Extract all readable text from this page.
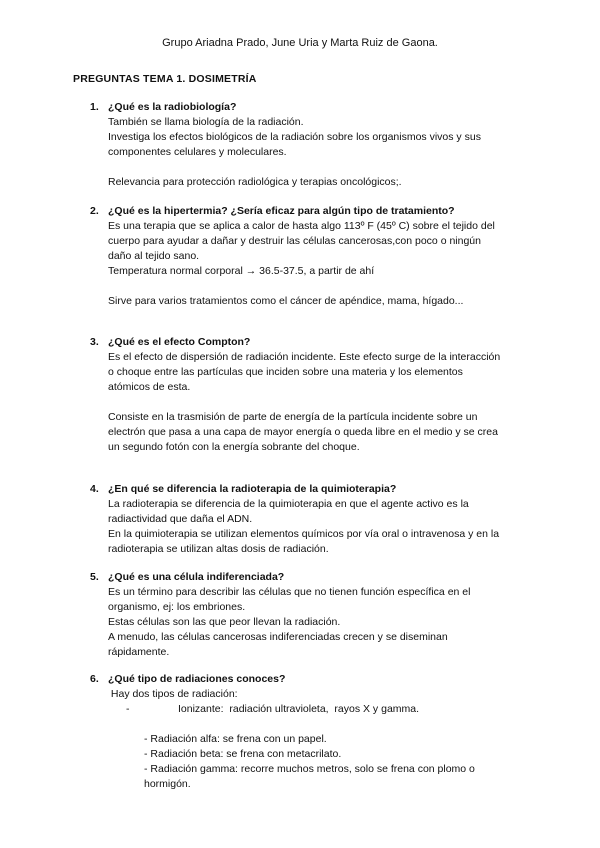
Grupo Ariadna Prado, June Uria y Marta Ruiz de Gaona.
PREGUNTAS TEMA 1. DOSIMETRÍA
1. ¿Qué es la radiobiología?
También se llama biología de la radiación.
Investiga los efectos biológicos de la radiación sobre los organismos vivos y sus
componentes celulares y moleculares.
Relevancia para protección radiológica y terapias oncológicos;.
2. ¿Qué es la hipertermia? ¿Sería eficaz para algún tipo de tratamiento?
Es una terapia que se aplica a calor de hasta algo 113º F (45º C) sobre el tejido del
cuerpo para ayudar a dañar y destruir las células cancerosas,con poco o ningún
daño al tejido sano.
Temperatura normal corporal → 36.5-37.5, a partir de ahí
Sirve para varios tratamientos como el cáncer de apéndice, mama, hígado...
3. ¿Qué es el efecto Compton?
Es el efecto de dispersión de radiación incidente. Este efecto surge de la interacción
o choque entre las partículas que inciden sobre una materia y los elementos
atómicos de esta.
Consiste en la trasmisión de parte de energía de la partícula incidente sobre un
electrón que pasa a una capa de mayor energía o queda libre en el medio y se crea
un segundo fotón con la energía sobrante del choque.
4. ¿En qué se diferencia la radioterapia de la quimioterapia?
La radioterapia se diferencia de la quimioterapia en que el agente activo es la
radiactividad que daña el ADN.
En la quimioterapia se utilizan elementos químicos por vía oral o intravenosa y en la
radioterapia se utilizan altas dosis de radiación.
5. ¿Qué es una célula indiferenciada?
Es un término para describir las células que no tienen función específica en el
organismo, ej: los embriones.
Estas células son las que peor llevan la radiación.
A menudo, las células cancerosas indiferenciadas crecen y se diseminan
rápidamente.
6. ¿Qué tipo de radiaciones conoces?
Hay dos tipos de radiación:
-	Ionizante:  radiación ultravioleta,  rayos X y gamma.
- Radiación alfa: se frena con un papel.
- Radiación beta: se frena con metacrilato.
- Radiación gamma: recorre muchos metros, solo se frena con plomo o
hormigón.
